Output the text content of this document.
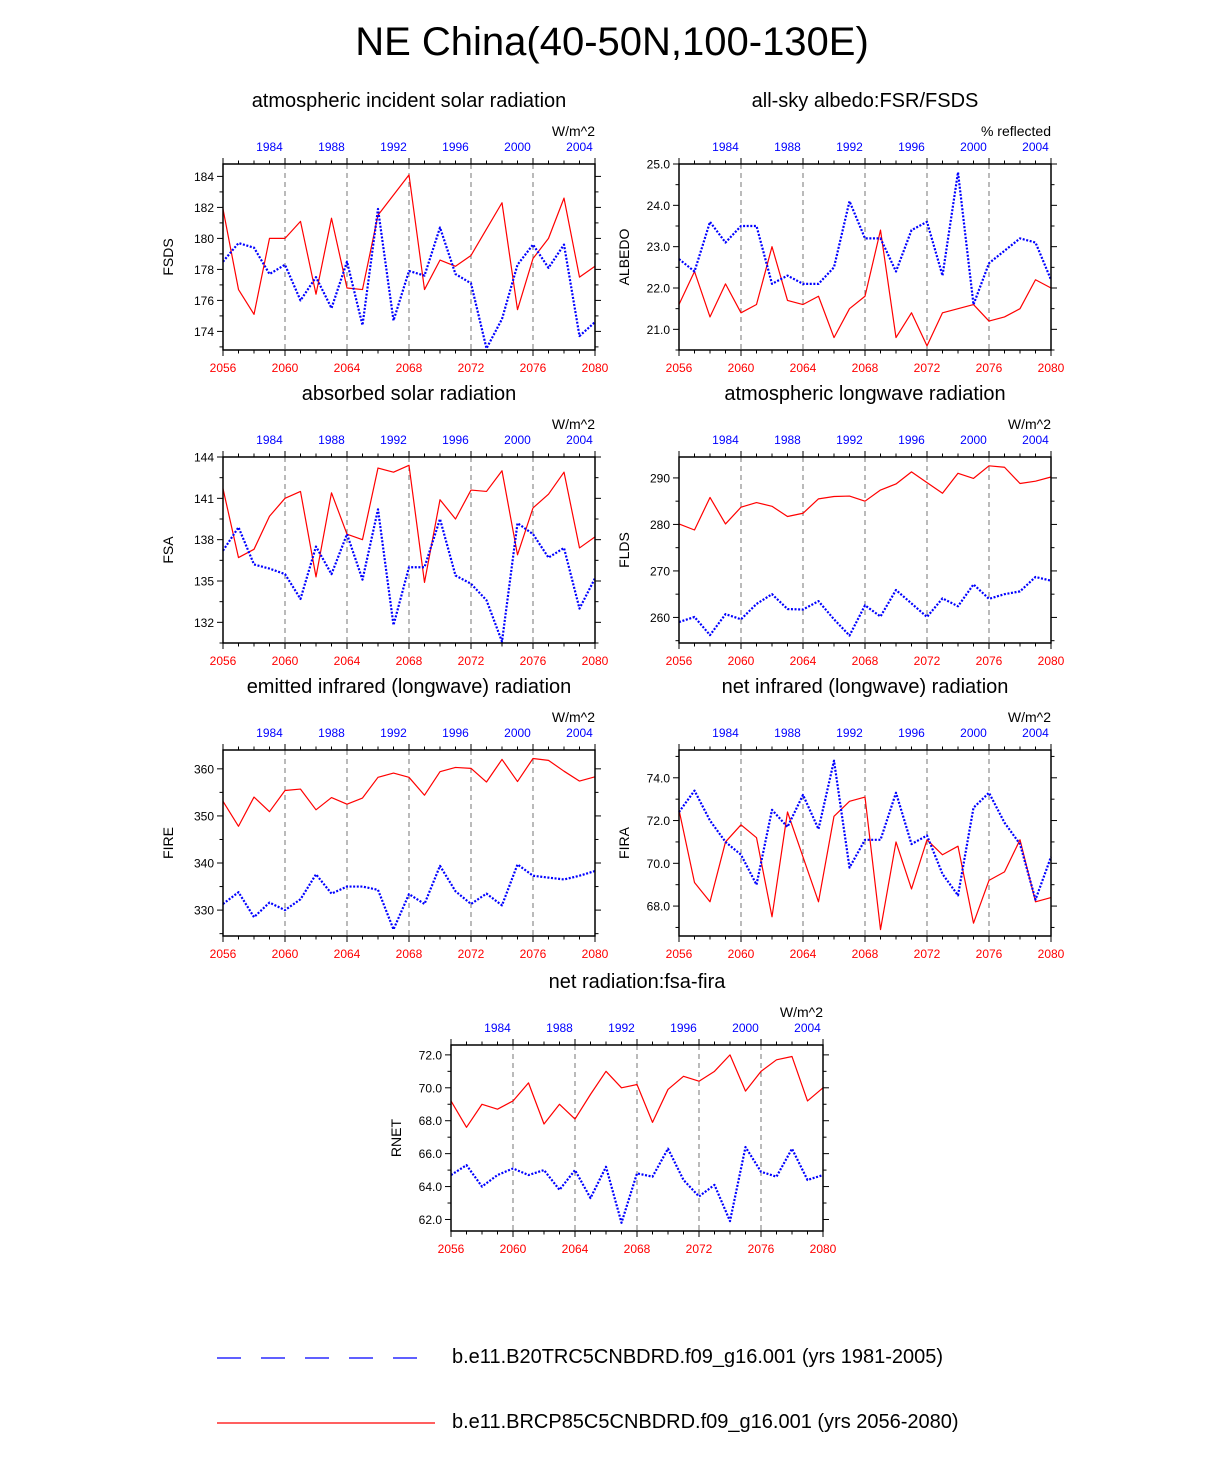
NE China(40-50N,100-130E)
atmospheric incident solar radiation
W/m^2
2056	2060	2064	2068	2072	2076	2080
1984	1988	1992	1996	2000	2004
174
176
178
180
182
184
FSDS
all-sky albedo:FSR/FSDS
% reflected
2056	2060	2064	2068	2072	2076	2080
1984	1988	1992	1996	2000	2004
21.0
22.0
23.0
24.0
25.0
ALBEDO
absorbed solar radiation
W/m^2
2056	2060	2064	2068	2072	2076	2080
1984	1988	1992	1996	2000	2004
132
135
138
141
144
FSA
atmospheric longwave radiation
W/m^2
2056	2060	2064	2068	2072	2076	2080
1984	1988	1992	1996	2000	2004
260
270
280
290
FLDS
emitted infrared (longwave) radiation
W/m^2
2056	2060	2064	2068	2072	2076	2080
1984	1988	1992	1996	2000	2004
330
340
350
360
FIRE
net infrared (longwave) radiation
W/m^2
2056	2060	2064	2068	2072	2076	2080
1984	1988	1992	1996	2000	2004
68.0
70.0
72.0
74.0
FIRA
net radiation:fsa-fira
W/m^2
2056	2060	2064	2068	2072	2076	2080
1984	1988	1992	1996	2000	2004
62.0
64.0
66.0
68.0
70.0
72.0
RNET
b.e11.B20TRC5CNBDRD.f09_g16.001 (yrs 1981-2005)
b.e11.BRCP85C5CNBDRD.f09_g16.001 (yrs 2056-2080)
